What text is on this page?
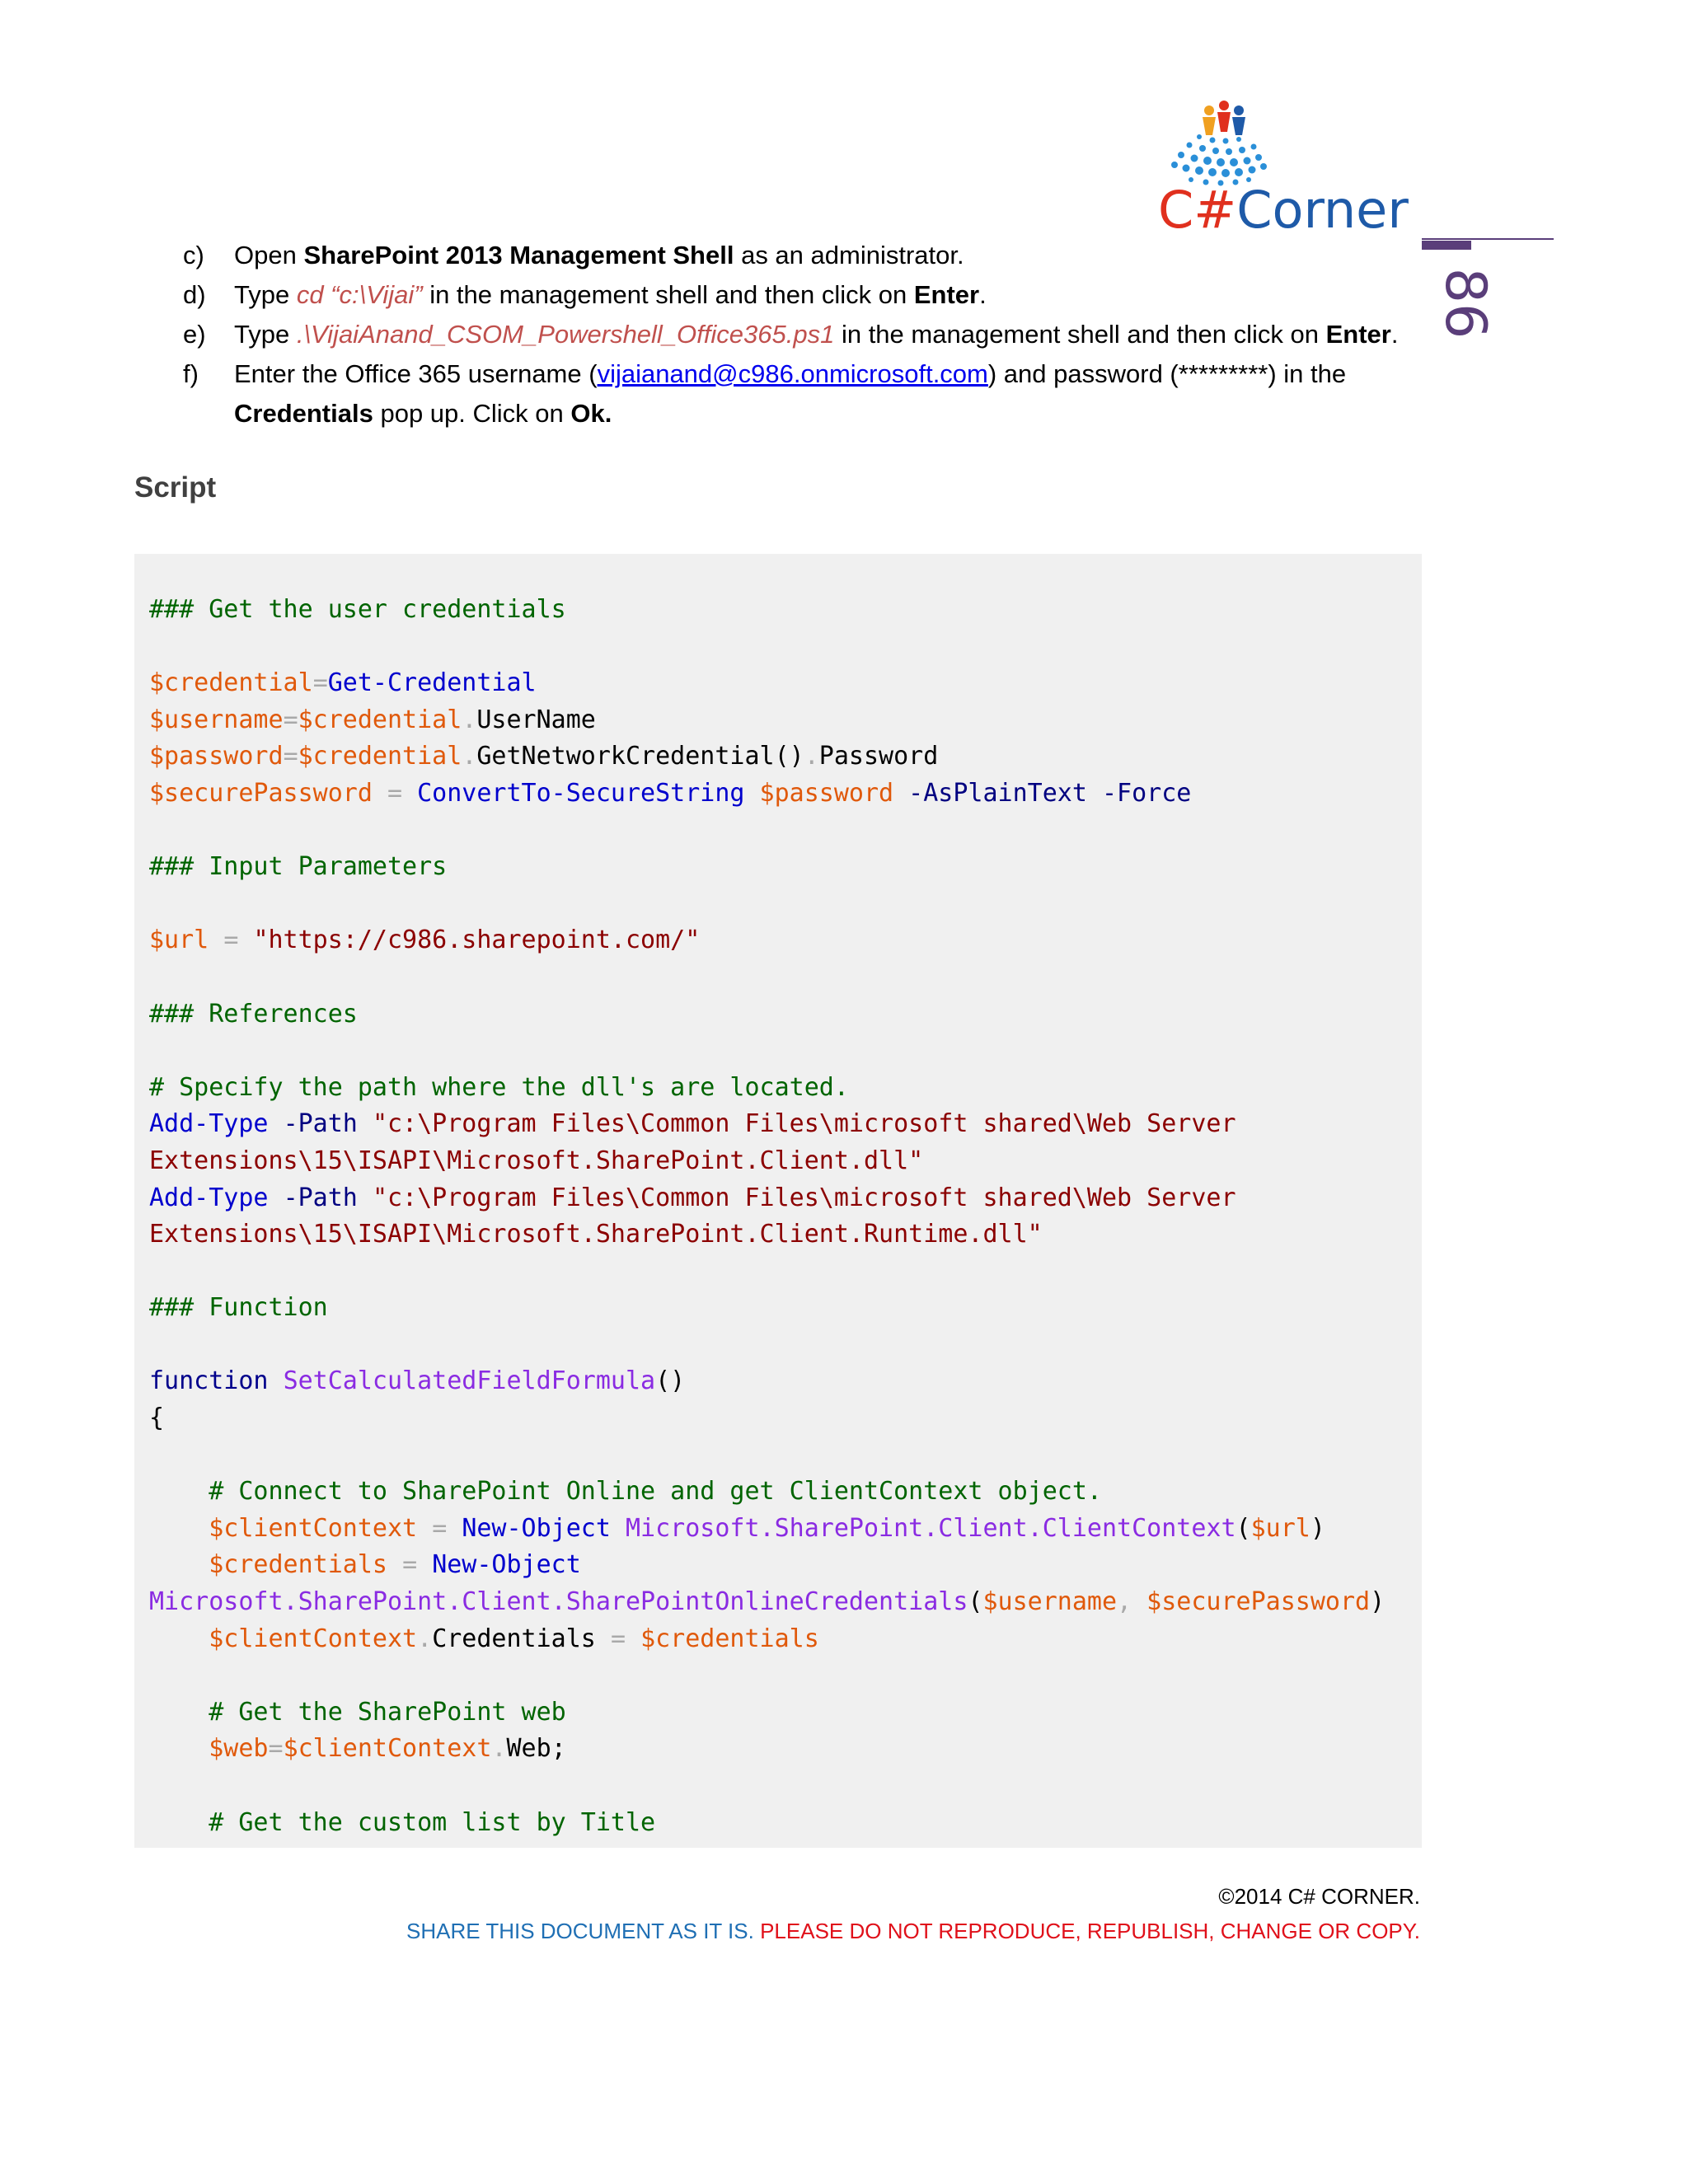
C#Corner
86
c) Open SharePoint 2013 Management Shell as an administrator.
d) Type cd “c:\Vijai” in the management shell and then click on Enter.
e) Type .\VijaiAnand_CSOM_Powershell_Office365.ps1 in the management shell and then click on Enter.
f) Enter the Office 365 username (vijaianand@c986.onmicrosoft.com) and password (*********) in the Credentials pop up. Click on Ok.
Script
### Get the user credentials

$credential=Get-Credential
$username=$credential.UserName
$password=$credential.GetNetworkCredential().Password
$securePassword = ConvertTo-SecureString $password -AsPlainText -Force

### Input Parameters

$url = "https://c986.sharepoint.com/"

### References

# Specify the path where the dll's are located.
Add-Type -Path "c:\Program Files\Common Files\microsoft shared\Web Server
Extensions\15\ISAPI\Microsoft.SharePoint.Client.dll"
Add-Type -Path "c:\Program Files\Common Files\microsoft shared\Web Server
Extensions\15\ISAPI\Microsoft.SharePoint.Client.Runtime.dll"

### Function

function SetCalculatedFieldFormula()
{

# Connect to SharePoint Online and get ClientContext object.
$clientContext = New-Object Microsoft.SharePoint.Client.ClientContext($url)
$credentials = New-Object
Microsoft.SharePoint.Client.SharePointOnlineCredentials($username, $securePassword)
$clientContext.Credentials = $credentials

# Get the SharePoint web
$web=$clientContext.Web;

# Get the custom list by Title
©2014 C# CORNER.
SHARE THIS DOCUMENT AS IT IS. PLEASE DO NOT REPRODUCE, REPUBLISH, CHANGE OR COPY.
